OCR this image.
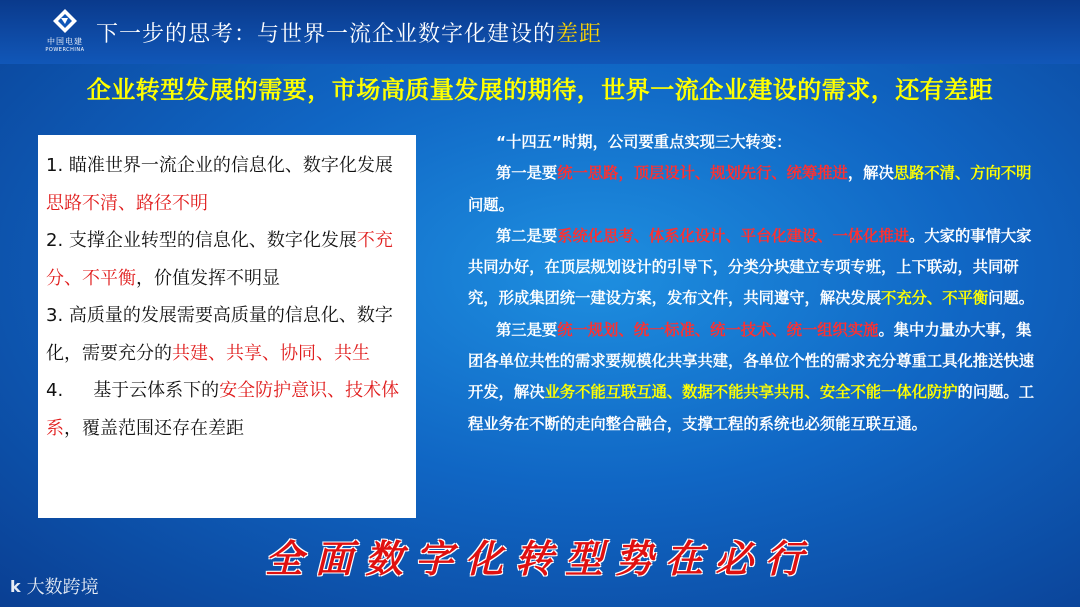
中国电建
POWERCHINA
下一步的思考：与世界一流企业数字化建设的差距
企业转型发展的需要，市场高质量发展的期待，世界一流企业建设的需求，还有差距
1. 瞄准世界一流企业的信息化、数字化发展思路不清、路径不明
2. 支撑企业转型的信息化、数字化发展不充分、不平衡，价值发挥不明显
3. 高质量的发展需要高质量的信息化、数字化，需要充分的共建、共享、协同、共生
4. 基于云体系下的安全防护意识、技术体系，覆盖范围还存在差距

“十四五”时期，公司要重点实现三大转变：

第一是要统一思路，顶层设计、规划先行、统筹推进，解决思路不清、方向不明问题。

第二是要系统化思考、体系化设计、平台化建设、一体化推进。大家的事情大家共同办好，在顶层规划设计的引导下，分类分块建立专项专班，上下联动，共同研究，形成集团统一建设方案，发布文件，共同遵守，解决发展不充分、不平衡问题。

第三是要统一规划、统一标准、统一技术、统一组织实施。集中力量办大事，集团各单位共性的需求要规模化共享共建，各单位个性的需求充分尊重工具化推送快速开发，解决业务不能互联互通、数据不能共享共用、安全不能一体化防护的问题。工程业务在不断的走向整合融合，支撑工程的系统也必须能互联互通。

全面数字化转型势在必行
k 大数跨境
